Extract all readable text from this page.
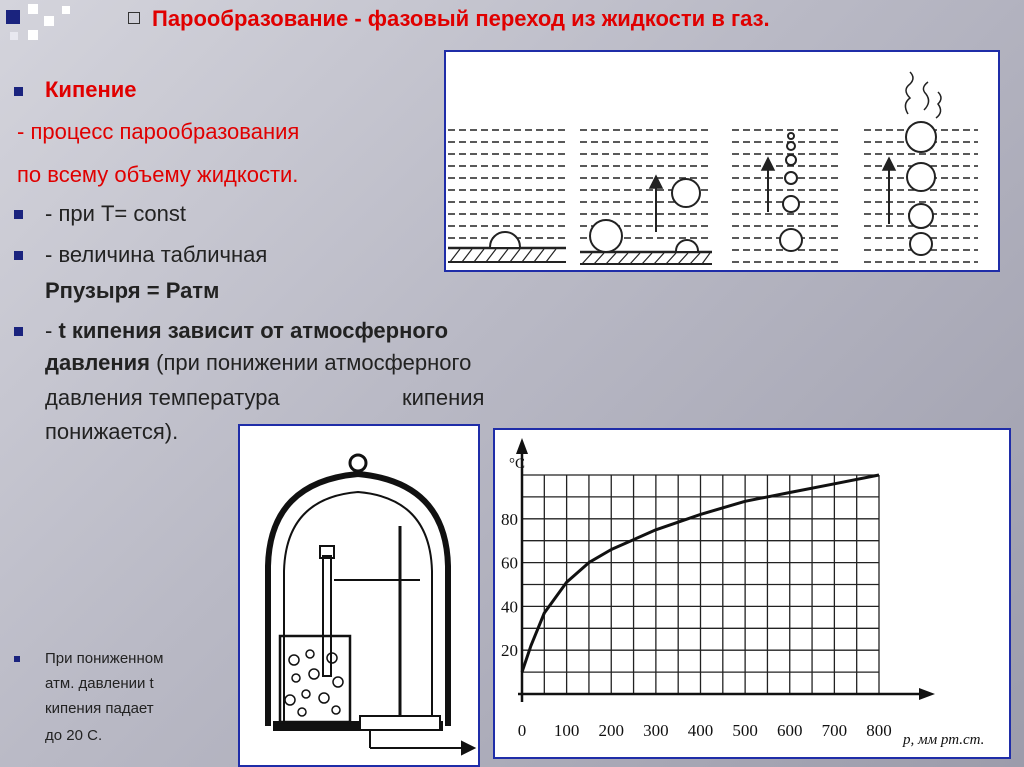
Парообразование - фазовый переход из жидкости в газ.
Кипение
- процесс парообразования
по всему объему жидкости.
- при T= const
- величина табличная
Рпузыря = Ратм
- t кипения зависит от атмосферного
давления (при понижении атмосферного
давления температура	кипения
понижается).
При пониженном
атм. давлении t
кипения падает
до 20 С.	0 100 200 300 400 500 600 700 800
20
40
60
80
°C
p, мм рт.ст.
